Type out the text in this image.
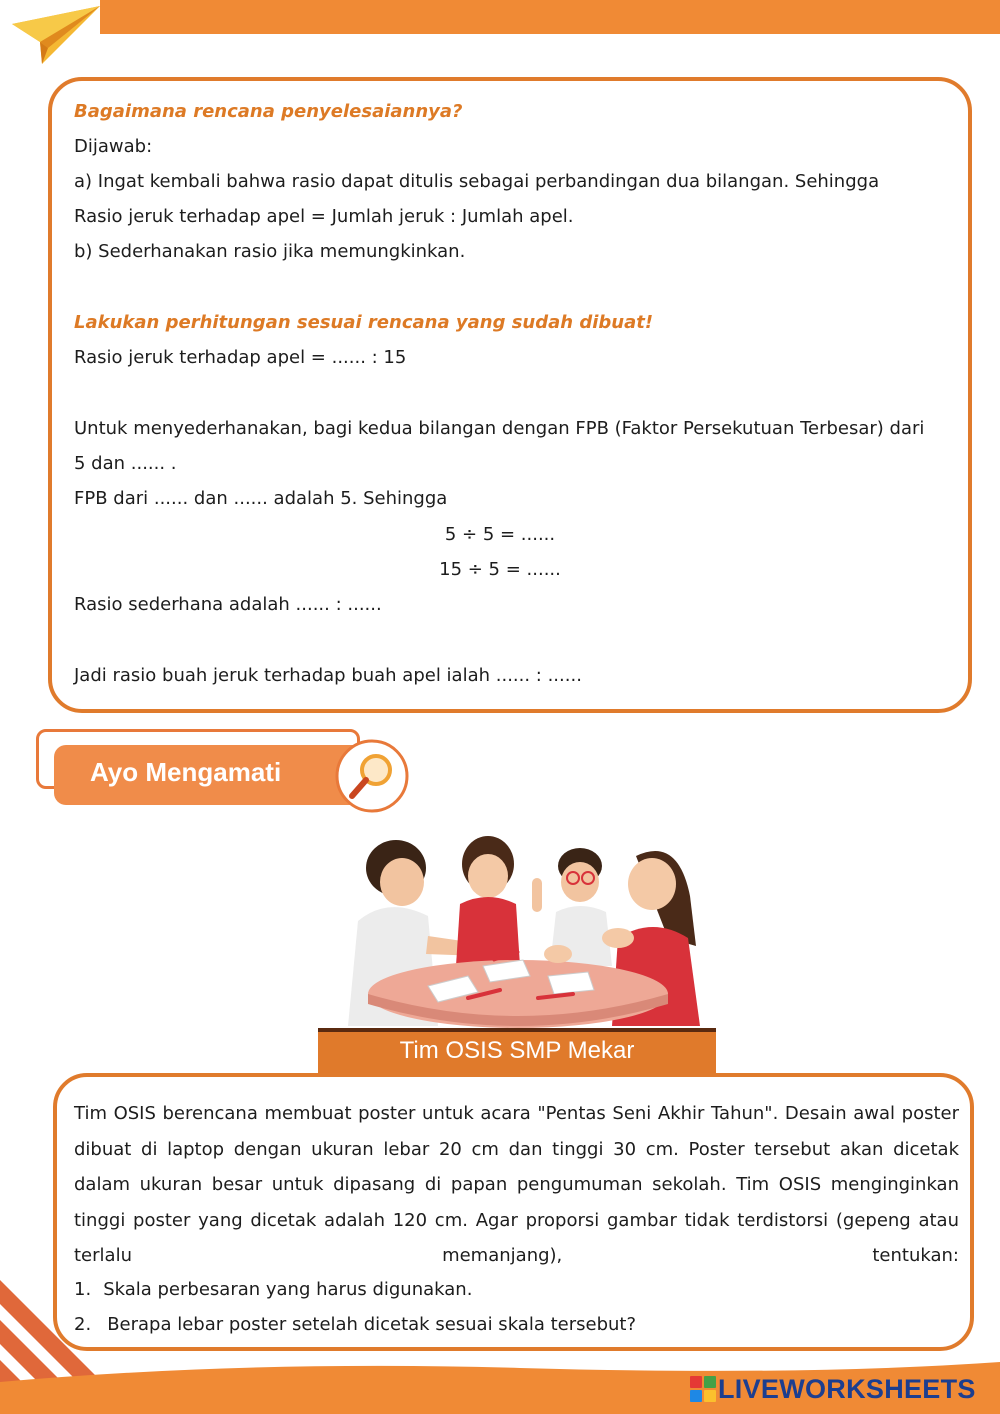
Bagaimana rencana penyelesaiannya?
Dijawab:
a) Ingat kembali bahwa rasio dapat ditulis sebagai perbandingan dua bilangan. Sehingga
Rasio jeruk terhadap apel = Jumlah jeruk : Jumlah apel.
b) Sederhanakan rasio jika memungkinkan.
Lakukan perhitungan sesuai rencana yang sudah dibuat!
Rasio jeruk terhadap apel = ...... : 15
Untuk menyederhanakan, bagi kedua bilangan dengan FPB (Faktor Persekutuan Terbesar) dari
5 dan ...... .
FPB dari ...... dan ...... adalah 5. Sehingga
5 ÷ 5 = ......
15 ÷ 5 = ......
Rasio sederhana adalah ...... : ......
Jadi rasio buah jeruk terhadap buah apel ialah ...... : ......
Ayo Mengamati
Tim OSIS SMP Mekar
Tim OSIS berencana membuat poster untuk acara "Pentas Seni Akhir Tahun". Desain awal poster dibuat di laptop dengan ukuran lebar 20 cm dan tinggi 30 cm. Poster tersebut akan dicetak dalam ukuran besar untuk dipasang di papan pengumuman sekolah. Tim OSIS menginginkan tinggi poster yang dicetak adalah 120 cm. Agar proporsi gambar tidak terdistorsi (gepeng atau terlalu memanjang), tentukan:
1. Skala perbesaran yang harus digunakan.
2. Berapa lebar poster setelah dicetak sesuai skala tersebut?
LIVEWORKSHEETS
